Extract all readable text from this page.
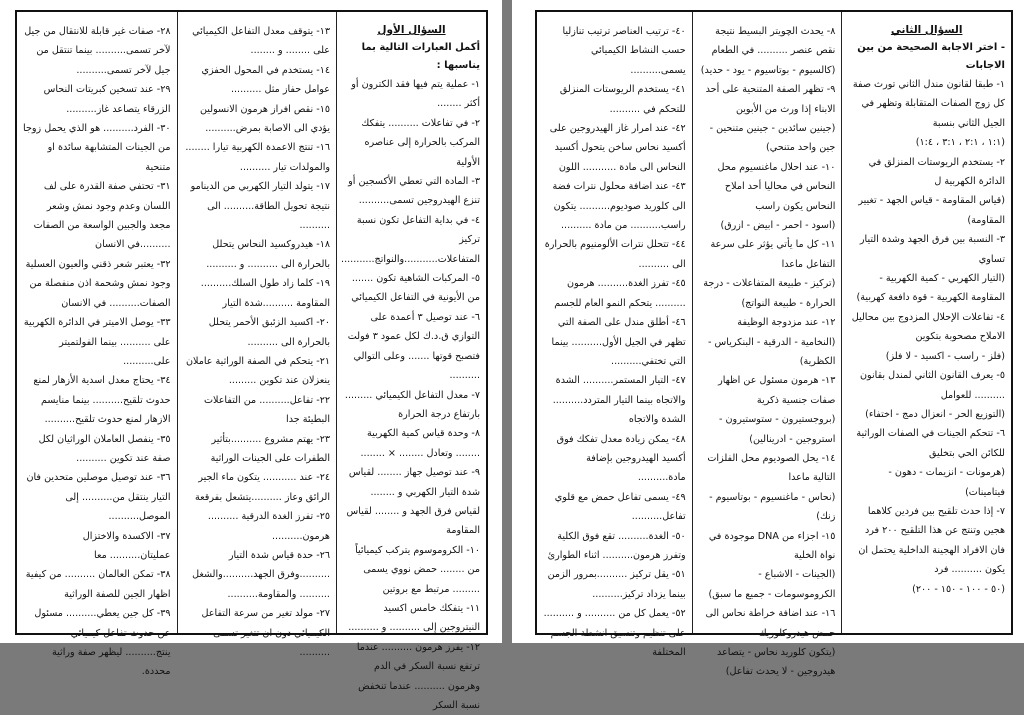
السؤال الأول

أكمل العبارات التالية بما يناسبها :

١- عملية يتم فيها فقد الكترون أو أكثر ........

٢- في تفاعلات .......... يتفكك المركب بالحرارة إلى عناصره الأولية

٣- المادة التي تعطي الأكسجين أو تنزع الهيدروجين تسمى..........

٤- في بداية التفاعل تكون نسبة تركيز المتفاعلات...........والنواتج...........

٥- المركبات الشاهية تكون ....... من الأيونية في التفاعل الكيميائي

٦- عند توصيل ٣ أعمدة على التوازي ق.د.ك لكل عمود ٣ فولت فتصبح قوتها ....... وعلى التوالي ..........

٧- معدل التفاعل الكيميائي ......... بارتفاع درجة الحرارة

٨- وحدة قياس كمية الكهربية ........ وتعادل ........ × ........

٩- عند توصيل جهاز ........ لقياس شدة التيار الكهربي و ........ لقياس فرق الجهد و ........ لقياس المقاومة

١٠- الكروموسوم يتركب كيميائياً من ........ حمض نووي يسمى ......... مرتبط مع بروتين

١١- يتفكك خامس اكسيد النيتروجين إلى .......... و ..........

١٢- يفرز هرمون .......... عندما ترتفع نسبة السكر في الدم وهرمون .......... عندما تنخفض نسبة السكر

١٣- يتوقف معدل التفاعل الكيميائي على ........ و ........

١٤- يستخدم في المحول الحفزي عوامل حفاز مثل ..........

١٥- نقص افراز هرمون الانسولين يؤدي الى الاصابة بمرض..........

١٦- تنتج الاعمدة الكهربية تيارا ........ والمولدات تيار ..........

١٧- يتولد التيار الكهربي من الدينامو نتيجة تحويل الطاقة.......... الى ..........

١٨- هيدروكسيد النحاس يتحلل بالحرارة الى .......... و ..........

١٩- كلما زاد طول السلك.......... المقاومة ..........شدة التيار

٢٠- اكسيد الزئبق الأحمر يتحلل بالحرارة الى ..........

٢١- يتحكم في الصفة الوراثية عاملان ينعزلان عند تكوين .........

٢٢- تفاعل.......... من التفاعلات البطيئة جدا

٢٣- يهتم مشروع ..........بتأثير الطفرات على الجينات الوراثية

٢٤- عند ........... يتكون ماء الجير الرائق وعاز ..........يتشعل بفرقعة

٢٥- تفرز الغدة الدرقية .......... هرمون..........

٢٦- حدة قياس شدة التيار ..........وفرق الجهد..........والشغل .......... والمقاومة..........

٢٧- مولد تغير من سرعة التفاعل الكيميائي دون ان تتغير تسمى ..........

٢٨- صفات غير قابلة للانتقال من جيل لآخر تسمى.......... بينما تنتقل من جيل لآخر تسمى..........

٢٩- عند تسخين كبريتات النحاس الزرقاء يتصاعد غاز..........

٣٠- الفرد.......... هو الذي يحمل زوجا من الجينات المتشابهة سائدة او متنحية

٣١- تحتفي صفة القدرة على لف اللسان وعدم وجود نمش وشعر مجعد والجبين الواسعة من الصفات ..........في الانسان

٣٢- يعتبر شعر ذقني والعيون العسلية وجود نمش وشحمة اذن منفصلة من الصفات.......... في الانسان

٣٣- يوصل الاميتر في الدائرة الكهربية على .......... بينما الفولتميتر على..........

٣٤- يحتاج معدل اسدية الأزهار لمنع حدوث تلقيح.......... بينما منايسم الازهار لمنع حدوث تلقيح..........

٣٥- ينفصل العاملان الوراثيان لكل صفة عند تكوين ..........

٣٦- عند توصيل موصلين متحدين فان التيار ينتقل من.......... إلى الموصل..........

٣٧- الاكسدة والاختزال عمليتان.......... معا

٣٨- تمكن العالمان .......... من كيفية اظهار الجين للصفة الوراثية

٣٩- كل جين يعطي.......... مسئول عن حدوث تفاعل كيميائي ينتج.......... ليظهر صفة وراثية محددة.

السؤال الثاني

- اختر الاجابة الصحيحة من بين الاجابات

١- طبقا لقانون مندل الثاني تورث صفة كل زوج الصفات المتقابلة وتظهر في الجيل الثاني بنسبة

(١:١ ، ٢:١ ، ٣:١ ، ١:٤)

٢- يستخدم الريوستات المنزلق في الدائرة الكهربية ل

(قياس المقاومة - قياس الجهد - تغيير المقاومة)

٣- النسبة بين فرق الجهد وشدة التيار تساوي

(التيار الكهربي - كمية الكهربية - المقاومة الكهربية - قوة دافعة كهربية)

٤- تفاعلات الإحلال المزدوج بين محاليل الاملاح مصحوبة بتكوين

(فلز - راسب - اكسيد - لا فلز)

٥- يعرف القانون الثاني لمندل بقانون .......... للعوامل

(التوزيع الحر - انعزال دمج - اختفاء)

٦- تتحكم الجينات في الصفات الوراثية للكائن الحي بتخليق

(هرمونات - انزيمات - دهون - فيتامينات)

٧- إذا حدث تلقيح بين فردين كلاهما هجين وتنتج عن هذا التلقيح ٢٠٠ فرد فان الافراد الهجينة الداخلية يحتمل ان يكون .......... فرد

(٥٠ - ١٠٠ - ١٥٠ - ٢٠٠)

٨- يحدث الچويتر البسيط نتيجة نقص عنصر .......... في الطعام

(كالسيوم - بوتاسيوم - يود - حديد)

٩- تظهر الصفة المتنحية على أحد الابناء إذا ورث من الأبوين

(جينين سائدين - جينين متنحين - جين واحد متنحي)

١٠- عند احلال ماغنسيوم محل النحاس في محاليا أحد املاح النحاس يكون راسب

(اسود - احمر - ابيض - ازرق)

١١- كل ما يأتي يؤثر على سرعة التفاعل ماعدا

(تركيز - طبيعة المتفاعلات - درجة الحرارة - طبيعة النواتج)

١٢- عند مزدوجة الوظيفة

(النخامية - الدرقية - البنكرياس - الكظرية)

١٣- هرمون مسئول عن اظهار صفات جنسية ذكرية

(بروجستيرون - ستوستيرون - استروجين - ادرينالين)

١٤- يحل الصوديوم محل الفلزات التالية ماعدا

(نحاس - ماغنسيوم - بوتاسيوم - زنك)

١٥- اجزاء من DNA موجودة في نواة الخلية

(الجينات - الاشباع - الكروموسومات - جميع ما سبق)

١٦- عند اضافة خراطة نحاس الى حمض هيدروكلوريك

(يتكون كلوريد نحاس - يتصاعد هيدروجين - لا يحدث تفاعل)

٤٠- ترتيب العناصر ترتيب تنازليا حسب النشاط الكيميائي يسمى..........

٤١- يستخدم الريوستات المنزلق للتحكم في ..........

٤٢- عند امرار غاز الهيدروجين على أكسيد نحاس ساخن يتحول أكسيد النحاس الى مادة ........... اللون

٤٣- عند اضافة محلول نترات فضة الى كلوريد صوديوم.......... يتكون راسب.......... من مادة ..........

٤٤- تتحلل نترات الألومنيوم بالحرارة الى ..........

٤٥- تفرز الغدة.......... هرمون .......... يتحكم النمو العام للجسم

٤٦- أطلق مندل على الصفة التي تظهر في الجيل الأول.......... بينما التي تختفي..........

٤٧- التيار المستمر.......... الشدة والاتجاه بينما التيار المتردد.......... الشدة والاتجاه

٤٨- يمكن زيادة معدل تفكك فوق أكسيد الهيدروجين بإضافة مادة..........

٤٩- يسمى تفاعل حمض مع قلوي تفاعل..........

٥٠- الغدة.......... تقع فوق الكلية وتفرز هرمون.......... اثناء الطوارئ

٥١- يقل تركيز ..........بمرور الزمن بينما يزداد تركيز..........

٥٢- يعمل كل من .......... و .......... على تنظيم وتنسيق انشطة الجسم المختلفة
